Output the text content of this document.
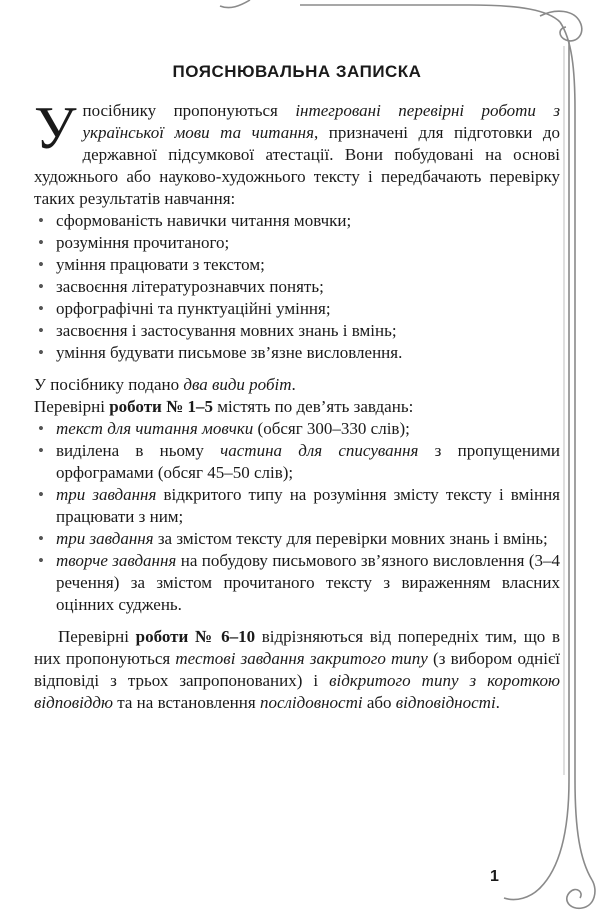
ПОЯСНЮВАЛЬНА ЗАПИСКА

У посібнику пропонуються інтегровані перевірні роботи з української мови та читання, призначені для підготовки до державної підсумкової атестації. Вони побудовані на основі художнього або науково-художнього тексту і передбачають перевірку таких результатів навчання:

• сформованість навички читання мовчки;
• розуміння прочитаного;
• уміння працювати з текстом;
• засвоєння літературознавчих понять;
• орфографічні та пунктуаційні уміння;
• засвоєння і застосування мовних знань і вмінь;
• уміння будувати письмове зв’язне висловлення.

У посібнику подано два види робіт.

Перевірні роботи № 1–5 містять по дев’ять завдань:

• текст для читання мовчки (обсяг 300–330 слів);
• виділена в ньому частина для списування з пропущеними орфограмами (обсяг 45–50 слів);
• три завдання відкритого типу на розуміння змісту тексту і вміння працювати з ним;
• три завдання за змістом тексту для перевірки мовних знань і вмінь;
• творче завдання на побудову письмового зв’язного висловлення (3–4 речення) за змістом прочитаного тексту з вираженням власних оцінних суджень.

Перевірні роботи № 6–10 відрізняються від попередніх тим, що в них пропонуються тестові завдання закритого типу (з вибором однієї відповіді з трьох запропонованих) і відкритого типу з короткою відповіддю та на встановлення послідовності або відповідності.

1
